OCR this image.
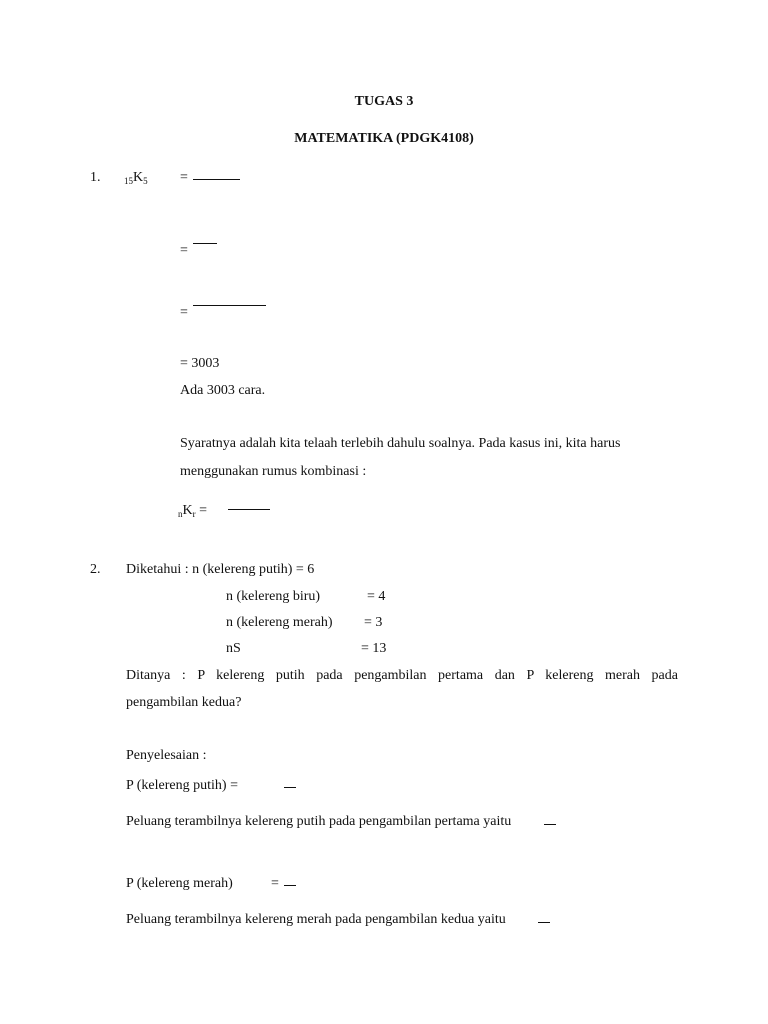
TUGAS 3
MATEMATIKA (PDGK4108)
1.	$_{15}K_5$ =
=
=
= 3003
Ada 3003 cara.
Syaratnya adalah kita telaah terlebih dahulu soalnya. Pada kasus ini, kita harus
menggunakan rumus kombinasi :
$_nK_r$ =
2. Diketahui : n (kelereng putih) = 6
n (kelereng biru)	= 4
n (kelereng merah) = 3
nS	= 13
Ditanya : P kelereng putih pada pengambilan pertama dan P kelereng merah pada
pengambilan kedua?
Penyelesaian :
P (kelereng putih) =
Peluang terambilnya kelereng putih pada pengambilan pertama yaitu
P (kelereng merah)	=
Peluang terambilnya kelereng merah pada pengambilan kedua yaitu
